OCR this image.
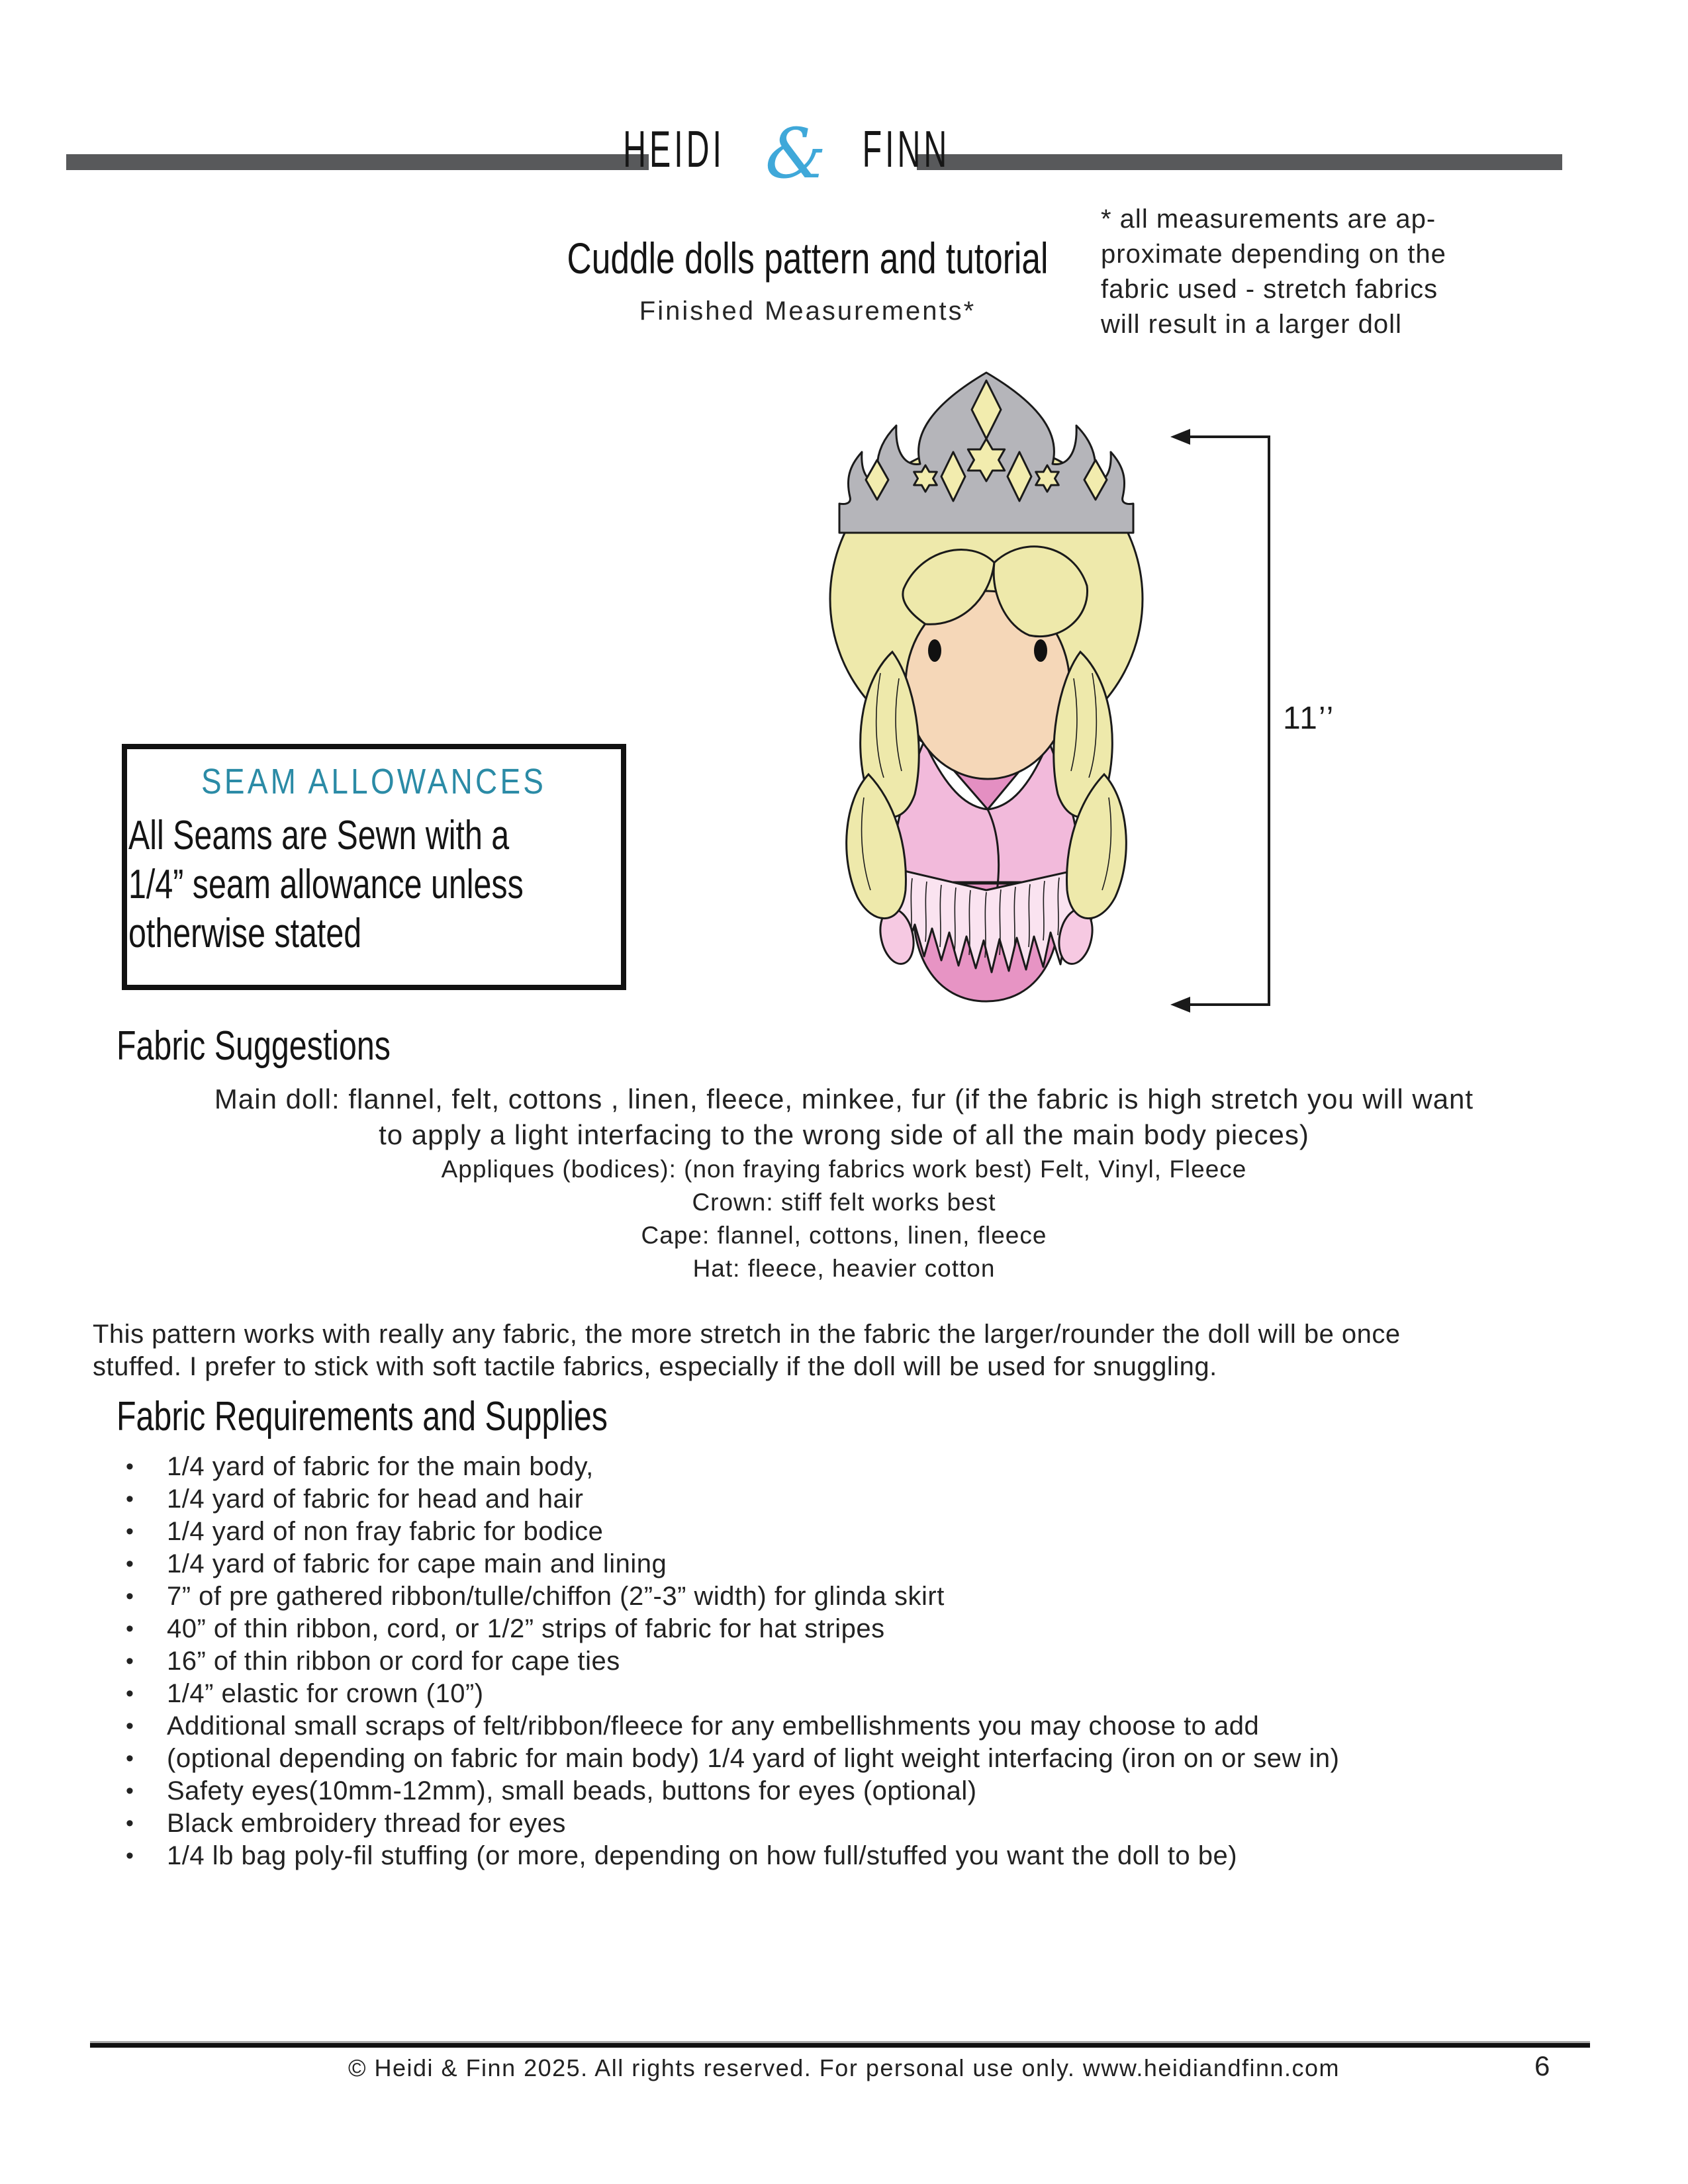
HEIDI & FINN
Cuddle dolls pattern and tutorial
Finished Measurements*
* all measurements are ap-
proximate depending on the
fabric used - stretch fabrics
will result in a larger doll
11’’
SEAM ALLOWANCES
All Seams are Sewn with a
1/4” seam allowance unless
otherwise stated
Fabric Suggestions
Main doll: flannel, felt, cottons , linen, fleece, minkee, fur (if the fabric is high stretch you will want
to apply a light interfacing to the wrong side of all the main body pieces)
Appliques (bodices): (non fraying fabrics work best) Felt, Vinyl, Fleece
Crown: stiff felt works best
Cape: flannel, cottons, linen, fleece
Hat: fleece, heavier cotton
This pattern works with really any fabric, the more stretch in the fabric the larger/rounder the doll will be once
stuffed. I prefer to stick with soft tactile fabrics, especially if the doll will be used for snuggling.
Fabric Requirements and Supplies
• 1/4 yard of fabric for the main body,
• 1/4 yard of fabric for head and hair
• 1/4 yard of non fray fabric for bodice
• 1/4 yard of fabric for cape main and lining
• 7” of pre gathered ribbon/tulle/chiffon (2”-3” width) for glinda skirt
• 40” of thin ribbon, cord, or 1/2” strips of fabric for hat stripes
• 16” of thin ribbon or cord for cape ties
• 1/4” elastic for crown (10”)
• Additional small scraps of felt/ribbon/fleece for any embellishments you may choose to add
• (optional depending on fabric for main body) 1/4 yard of light weight interfacing (iron on or sew in)
• Safety eyes(10mm-12mm), small beads, buttons for eyes (optional)
• Black embroidery thread for eyes
• 1/4 lb bag poly-fil stuffing (or more, depending on how full/stuffed you want the doll to be)
© Heidi & Finn 2025. All rights reserved. For personal use only. www.heidiandfinn.com	6
